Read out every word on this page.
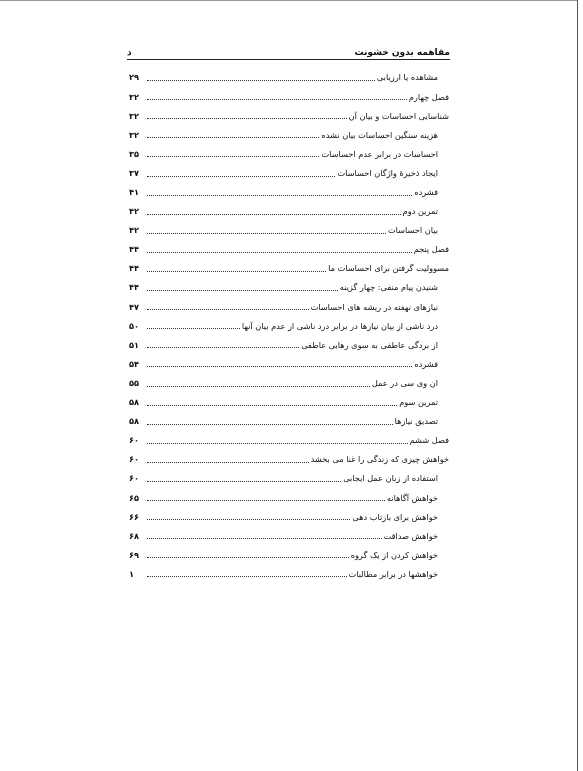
مقاهمه بدون خشونت
د
مشاهده یا ارزیابی
۲۹
فصل چهارم
۳۲
شناسایی احساسات و بیان آن
۳۲
هزینه سنگین احساسات بیان نشده
۳۲
احساسات در برابر عدم احساسات
۳۵
ایجاد ذخیرهٔ واژگان احساسات
۳۷
فشرده
۴۱
تمرین دوم
۴۲
بیان احساسات
۴۲
فصل پنجم
۴۴
مسوولیت گرفتن برای احساسات ما
۴۴
شنیدن پیام منفی: چهار گزینه
۴۴
نیازهای نهفته در ریشه های احساسات
۴۷
درد ناشی از بیان نیازها در برابر درد ناشی از عدم بیان آنها
۵۰
از بردگی عاطفی به سوی رهایی عاطفی
۵۱
فشرده
۵۴
ان وی سی در عمل
۵۵
تمرین سوم
۵۸
تصدیق نیازها
۵۸
فصل ششم
۶۰
خواهش چیزی که زندگی را غنا می بخشد
۶۰
استفاده از زبان عمل ایجابی
۶۰
خواهش آگاهانه
۶۵
خواهش برای بازتاب دهی
۶۶
خواهش صداقت
۶۸
خواهش کردن از یک گروه
۶۹
خواهشها در برابر مطالبات
۱
